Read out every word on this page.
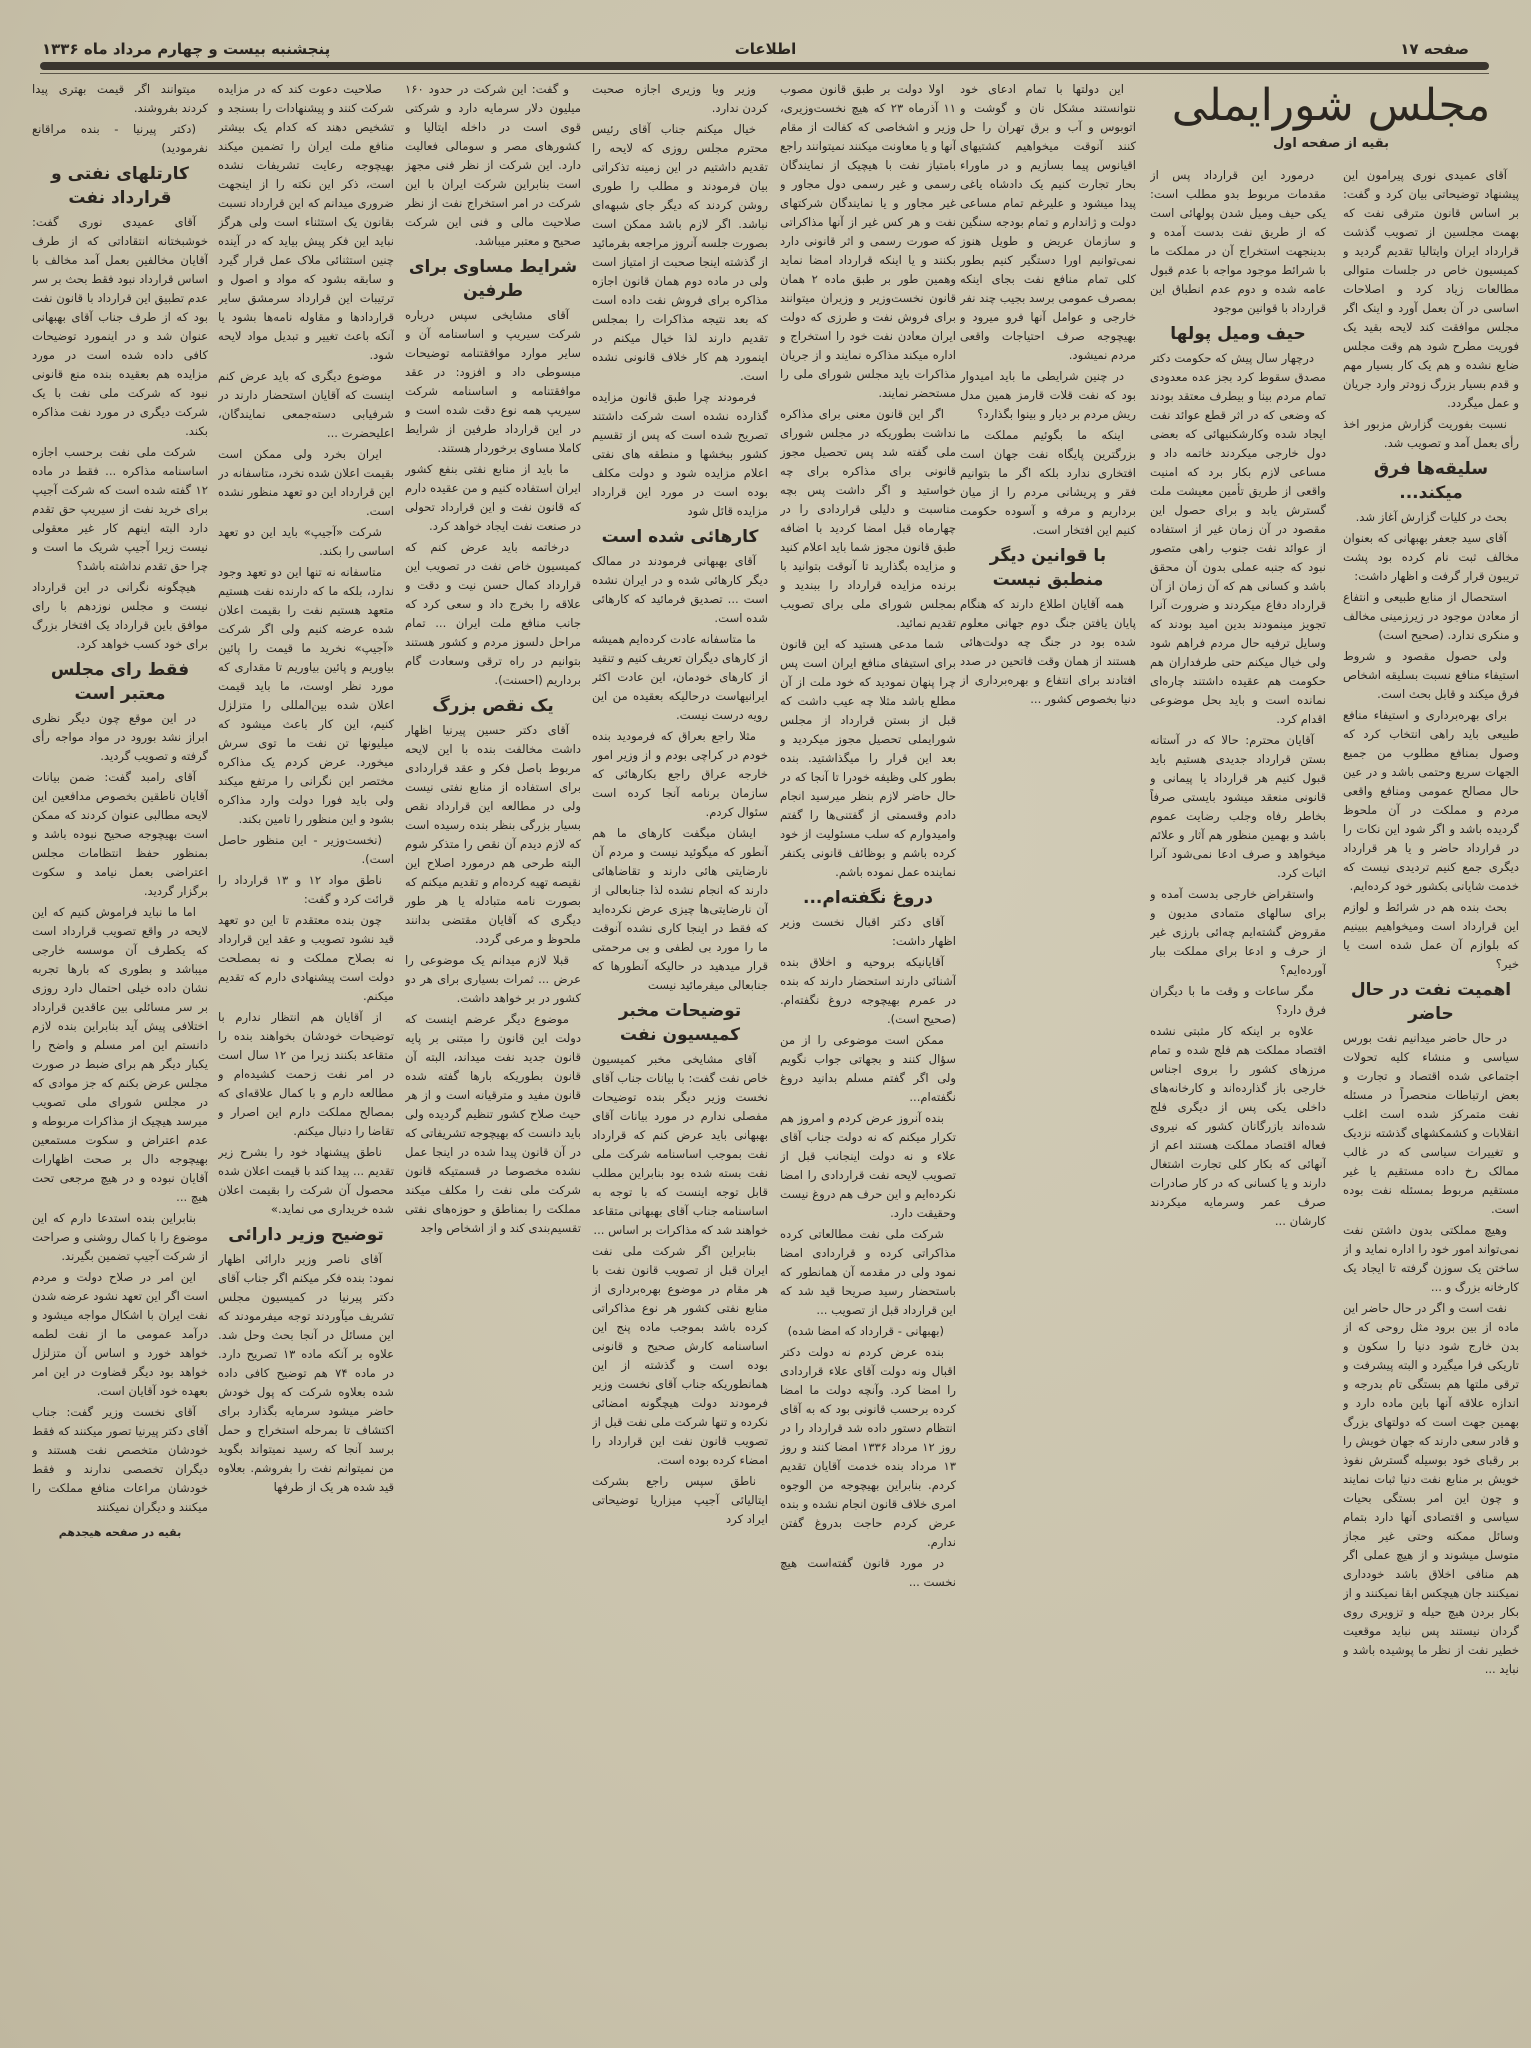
صفحه ۱۷
اطلاعات
پنجشنبه بیست و چهارم مرداد ماه ۱۳۳۶
مجلس شورایملی
بقیه از صفحه اول

آقای عمیدی نوری پیرامون این پیشنهاد توضیحاتی بیان کرد و گفت: بر اساس قانون مترقی نفت که بهمت مجلسین از تصویب گذشت قرارداد ایران وایتالیا تقدیم گردید و کمیسیون خاص در جلسات متوالی مطالعات زیاد کرد و اصلاحات اساسی در آن بعمل آورد و اینک اگر مجلس موافقت کند لایحه بقید یک فوریت مطرح شود هم وقت مجلس ضایع نشده و هم یک کار بسیار مهم و قدم بسیار بزرگ زودتر وارد جریان و عمل میگردد.

نسبت بفوریت گزارش مزبور اخذ رأی بعمل آمد و تصویب شد.

سلیقه‌ها فرق میکند...

بحث در کلیات گزارش آغاز شد.

آقای سید جعفر بهبهانی که بعنوان مخالف ثبت نام کرده بود پشت تریبون قرار گرفت و اظهار داشت:

استحصال از منابع طبیعی و انتفاع از معادن موجود در زیرزمینی مخالف و منکری ندارد. (صحیح است)

ولی حصول مقصود و شروط استیفاء منافع نسبت بسلیقه اشخاص فرق میکند و قابل بحث است.

برای بهره‌برداری و استیفاء منافع طبیعی باید راهی انتخاب کرد که وصول بمنافع مطلوب من جمیع الجهات سریع وحتمی باشد و در عین حال مصالح عمومی ومنافع واقعی مردم و مملکت در آن ملحوظ گردیده باشد و اگر شود این نکات را در قرارداد حاضر و یا هر قرارداد دیگری جمع کنیم تردیدی نیست که خدمت شایانی بکشور خود کرده‌ایم.

بحث بنده هم در شرائط و لوازم این قرارداد است ومیخواهیم ببینیم که بلوازم آن عمل شده است یا خیر؟

اهمیت نفت در حال حاضر

در حال حاضر میدانیم نفت بورس سیاسی و منشاء کلیه تحولات اجتماعی شده اقتصاد و تجارت و بعض ارتباطات منحصراً در مسئله نفت متمرکز شده است اغلب انقلابات و کشمکشهای گذشته نزدیک و تغییرات سیاسی که در غالب ممالک رخ داده مستقیم یا غیر مستقیم مربوط بمسئله نفت بوده است.

وهیچ مملکتی بدون داشتن نفت نمی‌تواند امور خود را اداره نماید و از ساختن یک سوزن گرفته تا ایجاد یک کارخانه بزرگ و ...

نفت است و اگر در حال حاضر این ماده از بین برود مثل روحی که از بدن خارج شود دنیا را سکون و تاریکی فرا میگیرد و البته پیشرفت و ترقی ملتها هم بستگی تام بدرجه و اندازه علاقه آنها باین ماده دارد و بهمین جهت است که دولتهای بزرگ و قادر سعی دارند که جهان خویش را بر رقبای خود بوسیله گسترش نفوذ خویش بر منابع نفت دنیا ثبات نمایند و چون این امر بستگی بحیات سیاسی و اقتصادی آنها دارد بتمام وسائل ممکنه وحتی غیر مجاز متوسل میشوند و از هیچ عملی اگر هم منافی اخلاق باشد خودداری نمیکنند جان هیچکس ابقا نمیکنند و از بکار بردن هیچ حیله و تزویری روی گردان نیستند پس نباید موقعیت خطیر نفت از نظر ما پوشیده باشد و نباید ...

درمورد این قرارداد پس از مقدمات مربوط بدو مطلب است: یکی حیف ومیل شدن پولهائی است که از طریق نفت بدست آمده و بدینجهت استخراج آن در مملکت ما با شرائط موجود مواجه با عدم قبول عامه شده و دوم عدم انطباق این قرارداد با قوانین موجود

حیف ومیل پولها

درچهار سال پیش که حکومت دکتر مصدق سقوط کرد بجز عده معدودی تمام مردم بینا و بیطرف معتقد بودند که وضعی که در اثر قطع عوائد نفت ایجاد شده وکارشکنیهائی که بعضی دول خارجی میکردند خاتمه داد و مساعی لازم بکار برد که امنیت واقعی از طریق تأمین معیشت ملت گسترش یابد و برای حصول این مقصود در آن زمان غیر از استفاده از عوائد نفت جنوب راهی متصور نبود که جنبه عملی بدون آن محقق باشد و کسانی هم که آن زمان از آن قرارداد دفاع میکردند و ضرورت آنرا تجویز مینمودند بدین امید بودند که وسایل ترفیه حال مردم فراهم شود ولی خیال میکنم حتی طرفداران هم حکومت هم عقیده داشتند چاره‌ای نمانده است و باید بحل موضوعی اقدام کرد.

آقایان محترم: حالا که در آستانه بستن قرارداد جدیدی هستیم باید قبول کنیم هر قرارداد یا پیمانی و قانونی منعقد میشود بایستی صرفاً بخاطر رفاه وجلب رضایت عموم باشد و بهمین منظور هم آثار و علائم میخواهد و صرف ادعا نمی‌شود آنرا اثبات کرد.

واستقراض خارجی بدست آمده و برای سالهای متمادی مدیون و مقروض گشته‌ایم چه‌ائی بارزی غیر از حرف و ادعا برای مملکت ببار آورده‌ایم؟

مگر ساعات و وقت ما با دیگران فرق دارد؟

علاوه بر اینکه کار مثبتی نشده اقتصاد مملکت هم فلج شده و تمام مرزهای کشور را بروی اجناس خارجی باز گذارده‌اند و کارخانه‌های داخلی یکی پس از دیگری فلج شده‌اند بازرگانان کشور که نیروی فعاله اقتصاد مملکت هستند اعم از آنهائی که بکار کلی تجارت اشتغال دارند و یا کسانی که در کار صادرات صرف عمر وسرمایه میکردند کارشان ...

این دولتها با تمام ادعای خود نتوانستند مشکل نان و گوشت و اتوبوس و آب و برق تهران را حل کنند آنوقت میخواهیم کشتیهای اقیانوس پیما بسازیم و در ماوراء بحار تجارت کنیم یک دادشاه یاغی پیدا میشود و علیرغم تمام مساعی دولت و ژاندارم و تمام بودجه سنگین و سازمان عریض و طویل هنوز نمی‌توانیم اورا دستگیر کنیم بطور کلی تمام منافع نفت بجای اینکه بمصرف عمومی برسد بجیب چند نفر خارجی و عوامل آنها فرو میرود و بهیچوجه صرف احتیاجات واقعی مردم نمیشود.

در چنین شرایطی ما باید امیدوار بود که نفت قلات قارمز همین مدل ریش مردم بر دیار و بینوا بگذارد؟

اینکه ما بگوئیم مملکت ما بزرگترین پایگاه نفت جهان است افتخاری ندارد بلکه اگر ما بتوانیم فقر و پریشانی مردم را از میان برداریم و مرفه و آسوده حکومت کنیم این افتخار است.

با قوانین دیگر منطبق نیست

همه آقایان اطلاع دارند که هنگام پایان یافتن جنگ دوم جهانی معلوم شده بود در جنگ چه دولت‌هائی هستند از همان وقت فاتحین در صدد افتادند برای انتفاع و بهره‌برداری از دنیا بخصوص کشور ...

اولا دولت بر طبق قانون مصوب ۱۱ آذرماه ۲۳ که هیچ نخست‌وزیری، وزیر و اشخاصی که کفالت از مقام آنها و یا معاونت میکنند نمیتوانند راجع بامتیاز نفت با هیچیک از نمایندگان رسمی و غیر رسمی دول مجاور و غیر مجاور و یا نمایندگان شرکتهای نفت و هر کس غیر از آنها مذاکراتی که صورت رسمی و اثر قانونی دارد بکنند و یا اینکه قرارداد امضا نماید وهمین طور بر طبق ماده ۲ همان قانون نخست‌وزیر و وزیران میتوانند برای فروش نفت و طرزی که دولت ایران معادن نفت خود را استخراج و اداره میکند مذاکره نمایند و از جریان مذاکرات باید مجلس شورای ملی را مستحضر نمایند.

اگر این قانون معنی برای مذاکره نداشت بطوریکه در مجلس شورای ملی گفته شد پس تحصیل مجوز قانونی برای مذاکره برای چه خواستید و اگر داشت پس بچه مناسبت و دلیلی قراردادی را در چهارماه قبل امضا کردید با اضافه طبق قانون مجوز شما باید اعلام کنید و مزایده بگذارید تا آنوقت بتوانید با برنده مزایده قرارداد را ببندید و بمجلس شورای ملی برای تصویب تقدیم نمائید.

شما مدعی هستید که این قانون برای استیفای منافع ایران است پس چرا پنهان نمودید که خود ملت از آن مطلع باشد مثلا چه عیب داشت که قبل از بستن قرارداد از مجلس شورایملی تحصیل مجوز میکردید و بعد این قرار را میگذاشتید. بنده بطور کلی وظیفه خودرا تا آنجا که در حال حاضر لازم بنظر میرسید انجام دادم وقسمتی از گفتنی‌ها را گفتم وامیدوارم که سلب مسئولیت از خود کرده باشم و بوظائف قانونی یکنفر نماینده عمل نموده باشم.

دروغ نگفته‌ام...

آقای دکتر اقبال نخست وزیر اظهار داشت:

آقایانیکه بروحیه و اخلاق بنده آشنائی دارند استحضار دارند که بنده در عمرم بهیچوجه دروغ نگفته‌ام. (صحیح است).

ممکن است موضوعی را از من سؤال کنند و بجهاتی جواب نگویم ولی اگر گفتم مسلم بدانید دروغ نگفته‌ام...

بنده آنروز عرض کردم و امروز هم تکرار میکنم که نه دولت جناب آقای علاء و نه دولت اینجانب قبل از تصویب لایحه نفت قراردادی را امضا نکرده‌ایم و این حرف هم دروغ نیست وحقیقت دارد.

شرکت ملی نفت مطالعاتی کرده مذاکراتی کرده و قراردادی امضا نمود ولی در مقدمه آن همانطور که باستحضار رسید صریحا قید شد که این قرارداد قبل از تصویب ...

(بهبهانی - قرارداد که امضا شده)

بنده عرض کردم نه دولت دکتر اقبال ونه دولت آقای علاء قراردادی را امضا کرد. وآنچه دولت ما امضا کرده برحسب قانونی بود که به آقای انتظام دستور داده شد قرارداد را در روز ۱۲ مرداد ۱۳۳۶ امضا کنند و روز ۱۳ مرداد بنده خدمت آقایان تقدیم کردم. بنابراین بهیچوجه من الوجوه امری خلاف قانون انجام نشده و بنده عرض کردم حاجت بدروغ گفتن ندارم.

در مورد قانون گفته‌است هیچ نخست ...

وزیر ویا وزیری اجازه صحبت کردن ندارد.

خیال میکنم جناب آقای رئیس محترم مجلس روزی که لایحه را تقدیم داشتیم در این زمینه تذکراتی بیان فرمودند و مطلب را طوری روشن کردند که دیگر جای شبهه‌ای نباشد. اگر لازم باشد ممکن است بصورت جلسه آنروز مراجعه بفرمائید از گذشته اینجا صحبت از امتیاز است ولی در ماده دوم همان قانون اجازه مذاکره برای فروش نفت داده است که بعد نتیجه مذاکرات را بمجلس تقدیم دارند لذا خیال میکنم در اینمورد هم کار خلاف قانونی نشده است.

فرمودند چرا طبق قانون مزایده گذارده نشده است شرکت داشتند تصریح شده است که پس از تقسیم کشور ببخشها و منطقه های نفتی اعلام مزایده شود و دولت مکلف بوده است در مورد این قرارداد مزایده قائل شود

کارهائی شده است

آقای بهبهانی فرمودند در ممالک دیگر کارهائی شده و در ایران نشده است ... تصدیق فرمائید که کارهائی شده است.

ما متاسفانه عادت کرده‌ایم همیشه از کارهای دیگران تعریف کنیم و تنقید از کارهای خودمان، این عادت اکثر ایرانیهاست درحالیکه بعقیده من این رویه درست نیست.

مثلا راجع بعراق که فرمودید بنده خودم در کراچی بودم و از وزیر امور خارجه عراق راجع بکارهائی که سازمان برنامه آنجا کرده است سئوال کردم.

ایشان میگفت کارهای ما هم آنطور که میگوئید نیست و مردم آن نارضایتی هائی دارند و تقاضاهائی دارند که انجام نشده لذا جنابعالی از آن نارضایتی‌ها چیزی عرض نکرده‌اید که فقط در اینجا کاری نشده آنوقت ما را مورد بی لطفی و بی مرحمتی قرار میدهید در حالیکه آنطورها که جنابعالی میفرمائید نیست

توضیحات مخبر کمیسیون نفت

آقای مشایخی مخبر کمیسیون خاص نفت گفت: با بیانات جناب آقای نخست وزیر دیگر بنده توضیحات مفصلی ندارم در مورد بیانات آقای بهبهانی باید عرض کنم که قرارداد نفت بموجب اساسنامه شرکت ملی نفت بسته شده بود بنابراین مطلب قابل توجه اینست که با توجه به اساسنامه جناب آقای بهبهانی متقاعد خواهند شد که مذاکرات بر اساس ...

بنابراین اگر شرکت ملی نفت ایران قبل از تصویب قانون نفت با هر مقام در موضوع بهره‌برداری از منابع نفتی کشور هر نوع مذاکراتی کرده باشد بموجب ماده پنج این اساسنامه کارش صحیح و قانونی بوده است و گذشته از این همانطوریکه جناب آقای نخست وزیر فرمودند دولت هیچگونه امضائی نکرده و تنها شرکت ملی نفت قبل از تصویب قانون نفت این قرارداد را امضاء کرده بوده است.

ناطق سپس راجع بشرکت ایتالیائی آجیپ میزاریا توضیحاتی ایراد کرد

و گفت: این شرکت در حدود ۱۶۰ میلیون دلار سرمایه دارد و شرکتی قوی است در داخله ایتالیا و کشورهای مصر و سومالی فعالیت دارد. این شرکت از نظر فنی مجهز است بنابراین شرکت ایران با این شرکت در امر استخراج نفت از نظر صلاحیت مالی و فنی این شرکت صحیح و معتبر میباشد.

شرایط مساوی برای طرفین

آقای مشایخی سپس درباره شرکت سیریپ و اساسنامه آن و سایر موارد موافقتنامه توضیحات مبسوطی داد و افزود: در عقد موافقتنامه و اساسنامه شرکت سیریپ همه نوع دقت شده است و در این قرارداد طرفین از شرایط کاملا مساوی برخوردار هستند.

ما باید از منابع نفتی بنفع کشور ایران استفاده کنیم و من عقیده دارم که قانون نفت و این قرارداد تحولی در صنعت نفت ایجاد خواهد کرد.

درخاتمه باید عرض کنم که کمیسیون خاص نفت در تصویب این قرارداد کمال حسن نیت و دقت و علاقه را بخرج داد و سعی کرد که جانب منافع ملت ایران ... تمام مراحل دلسوز مردم و کشور هستند بتوانیم در راه ترقی وسعادت گام برداریم (احسنت).

یک نقص بزرگ

آقای دکتر حسین پیرنیا اظهار داشت مخالفت بنده با این لایحه مربوط باصل فکر و عقد قراردادی برای استفاده از منابع نفتی نیست ولی در مطالعه این قرارداد نقص بسیار بزرگی بنظر بنده رسیده است که لازم دیدم آن نقص را متذکر شوم البته طرحی هم درمورد اصلاح این نقیصه تهیه کرده‌ام و تقدیم میکنم که بصورت نامه متبادله یا هر طور دیگری که آقایان مقتضی بدانند ملحوظ و مرعی گردد.

قبلا لازم میدانم یک موضوعی را عرض ... ثمرات بسیاری برای هر دو کشور در بر خواهد داشت.

موضوع دیگر عرضم اینست که دولت این قانون را مبتنی بر پایه قانون جدید نفت میداند، البته آن قانون بطوریکه بارها گفته شده قانون مفید و مترقیانه است و از هر حیث صلاح کشور تنظیم گردیده ولی باید دانست که بهیچوجه تشریفاتی که در آن قانون پیدا شده در اینجا عمل نشده مخصوصا در قسمتیکه قانون شرکت ملی نفت را مکلف میکند مملکت را بمناطق و حوزه‌های نفتی تقسیم‌بندی کند و از اشخاص واجد

صلاحیت دعوت کند که در مزایده شرکت کنند و پیشنهادات را بسنجد و تشخیص دهند که کدام یک بیشتر منافع ملت ایران را تضمین میکند بهیچوجه رعایت تشریفات نشده است، ذکر این نکته را از اینجهت ضروری میدانم که این قرارداد نسبت بقانون یک استثناء است ولی هرگز نباید این فکر پیش بیاید که در آینده چنین استثنائی ملاک عمل قرار گیرد و سابقه بشود که مواد و اصول و ترتیبات این قرارداد سرمشق سایر قراردادها و مقاوله نامه‌ها بشود یا آنکه باعث تغییر و تبدیل مواد لایحه شود.

موضوع دیگری که باید عرض کنم اینست که آقایان استحضار دارند در شرفیابی دسته‌جمعی نمایندگان، اعلیحضرت ...

ایران بخرد ولی ممکن است بقیمت اعلان شده نخرد، متاسفانه در این قرارداد این دو تعهد منظور نشده است.

شرکت «آجیپ» باید این دو تعهد اساسی را بکند.

متاسفانه نه تنها این دو تعهد وجود ندارد، بلکه ما که دارنده نفت هستیم متعهد هستیم نفت را بقیمت اعلان شده عرضه کنیم ولی اگر شرکت «آجیپ» نخرید ما قیمت را پائین بیاوریم و پائین بیاوریم تا مقداری که مورد نظر اوست، ما باید قیمت اعلان شده بین‌المللی را متزلزل کنیم، این کار باعث میشود که میلیونها تن نفت ما توی سرش میخورد. عرض کردم یک مذاکره مختصر این نگرانی را مرتفع میکند ولی باید فورا دولت وارد مذاکره بشود و این منظور را تامین بکند.

(نخست‌وزیر - این منظور حاصل است).

ناطق مواد ۱۲ و ۱۳ قرارداد را قرائت کرد و گفت:

چون بنده معتقدم تا این دو تعهد قید نشود تصویب و عقد این قرارداد نه بصلاح مملکت و نه بمصلحت دولت است پیشنهادی دارم که تقدیم میکنم.

از آقایان هم انتظار ندارم با توضیحات خودشان بخواهند بنده را متقاعد بکنند زیرا من ۱۲ سال است در امر نفت زحمت کشیده‌ام و مطالعه دارم و با کمال علاقه‌ای که بمصالح مملکت دارم این اصرار و تقاضا را دنبال میکنم.

ناطق پیشنهاد خود را بشرح زیر تقدیم ... پیدا کند با قیمت اعلان شده محصول آن شرکت را بقیمت اعلان شده خریداری می نماید.»

توضیح وزیر دارائی

آقای ناصر وزیر دارائی اظهار نمود: بنده فکر میکنم اگر جناب آقای دکتر پیرنیا در کمیسیون مجلس تشریف میآوردند توجه میفرمودند که این مسائل در آنجا بحث وحل شد. علاوه بر آنکه ماده ۱۳ تصریح دارد. در ماده ۷۴ هم توضیح کافی داده شده بعلاوه شرکت که پول خودش حاضر میشود سرمایه بگذارد برای اکتشاف تا بمرحله استخراج و حمل برسد آنجا که رسید نمیتواند بگوید من نمیتوانم نفت را بفروشم. بعلاوه قید شده هر یک از طرفها

میتوانند اگر قیمت بهتری پیدا کردند بفروشند.

(دکتر پیرنیا - بنده مراقانع نفرمودید)

کارتلهای نفتی و قرارداد نفت

آقای عمیدی نوری گفت: خوشبختانه انتقاداتی که از طرف آقایان مخالفین بعمل آمد مخالف با اساس قرارداد نبود فقط بحث بر سر عدم تطبیق این قرارداد با قانون نفت بود که از طرف جناب آقای بهبهانی عنوان شد و در اینمورد توضیحات کافی داده شده است در مورد مزایده هم بعقیده بنده منع قانونی نبود که شرکت ملی نفت با یک شرکت دیگری در مورد نفت مذاکره بکند.

شرکت ملی نفت برحسب اجازه اساسنامه مذاکره ... فقط در ماده ۱۲ گفته شده است که شرکت آجیپ برای خرید نفت از سیریپ حق تقدم دارد البته اینهم کار غیر معقولی نیست زیرا آجیپ شریک ما است و چرا حق تقدم نداشته باشد؟

هیچگونه نگرانی در این قرارداد نیست و مجلس نوزدهم با رای موافق باین قرارداد یک افتخار بزرگ برای خود کسب خواهد کرد.

فقط رای مجلس معتبر است

در این موقع چون دیگر نظری ابراز نشد بورود در مواد مواجه رأی گرفته و تصویب گردید.

آقای رامبد گفت: ضمن بیانات آقایان ناطقین بخصوص مدافعین این لایحه مطالبی عنوان کردند که ممکن است بهیچوجه صحیح نبوده باشد و بمنظور حفظ انتظامات مجلس اعتراضی بعمل نیامد و سکوت برگزار گردید.

اما ما نباید فراموش کنیم که این لایحه در واقع تصویب قرارداد است که یکطرف آن موسسه خارجی میباشد و بطوری که بارها تجربه نشان داده خیلی احتمال دارد روزی بر سر مسائلی بین عاقدین قرارداد اختلافی پیش آید بنابراین بنده لازم دانستم این امر مسلم و واضح را یکبار دیگر هم برای ضبط در صورت مجلس عرض بکنم که جز موادی که در مجلس شورای ملی تصویب میرسد هیچیک از مذاکرات مربوطه و عدم اعتراض و سکوت مستمعین بهیچوجه دال بر صحت اظهارات آقایان نبوده و در هیچ مرجعی تحت هیچ ...

بنابراین بنده استدعا دارم که این موضوع را با کمال روشنی و صراحت از شرکت آجیپ تضمین بگیرند.

این امر در صلاح دولت و مردم است اگر این تعهد نشود عرضه شدن نفت ایران با اشکال مواجه میشود و درآمد عمومی ما از نفت لطمه خواهد خورد و اساس آن متزلزل خواهد بود دیگر قضاوت در این امر بعهده خود آقایان است.

آقای نخست وزیر گفت: جناب آقای دکتر پیرنیا تصور میکنند که فقط خودشان متخصص نفت هستند و دیگران تخصصی ندارند و فقط خودشان مراعات منافع مملکت را میکنند و دیگران نمیکنند

بقیه در صفحه هیجدهم
